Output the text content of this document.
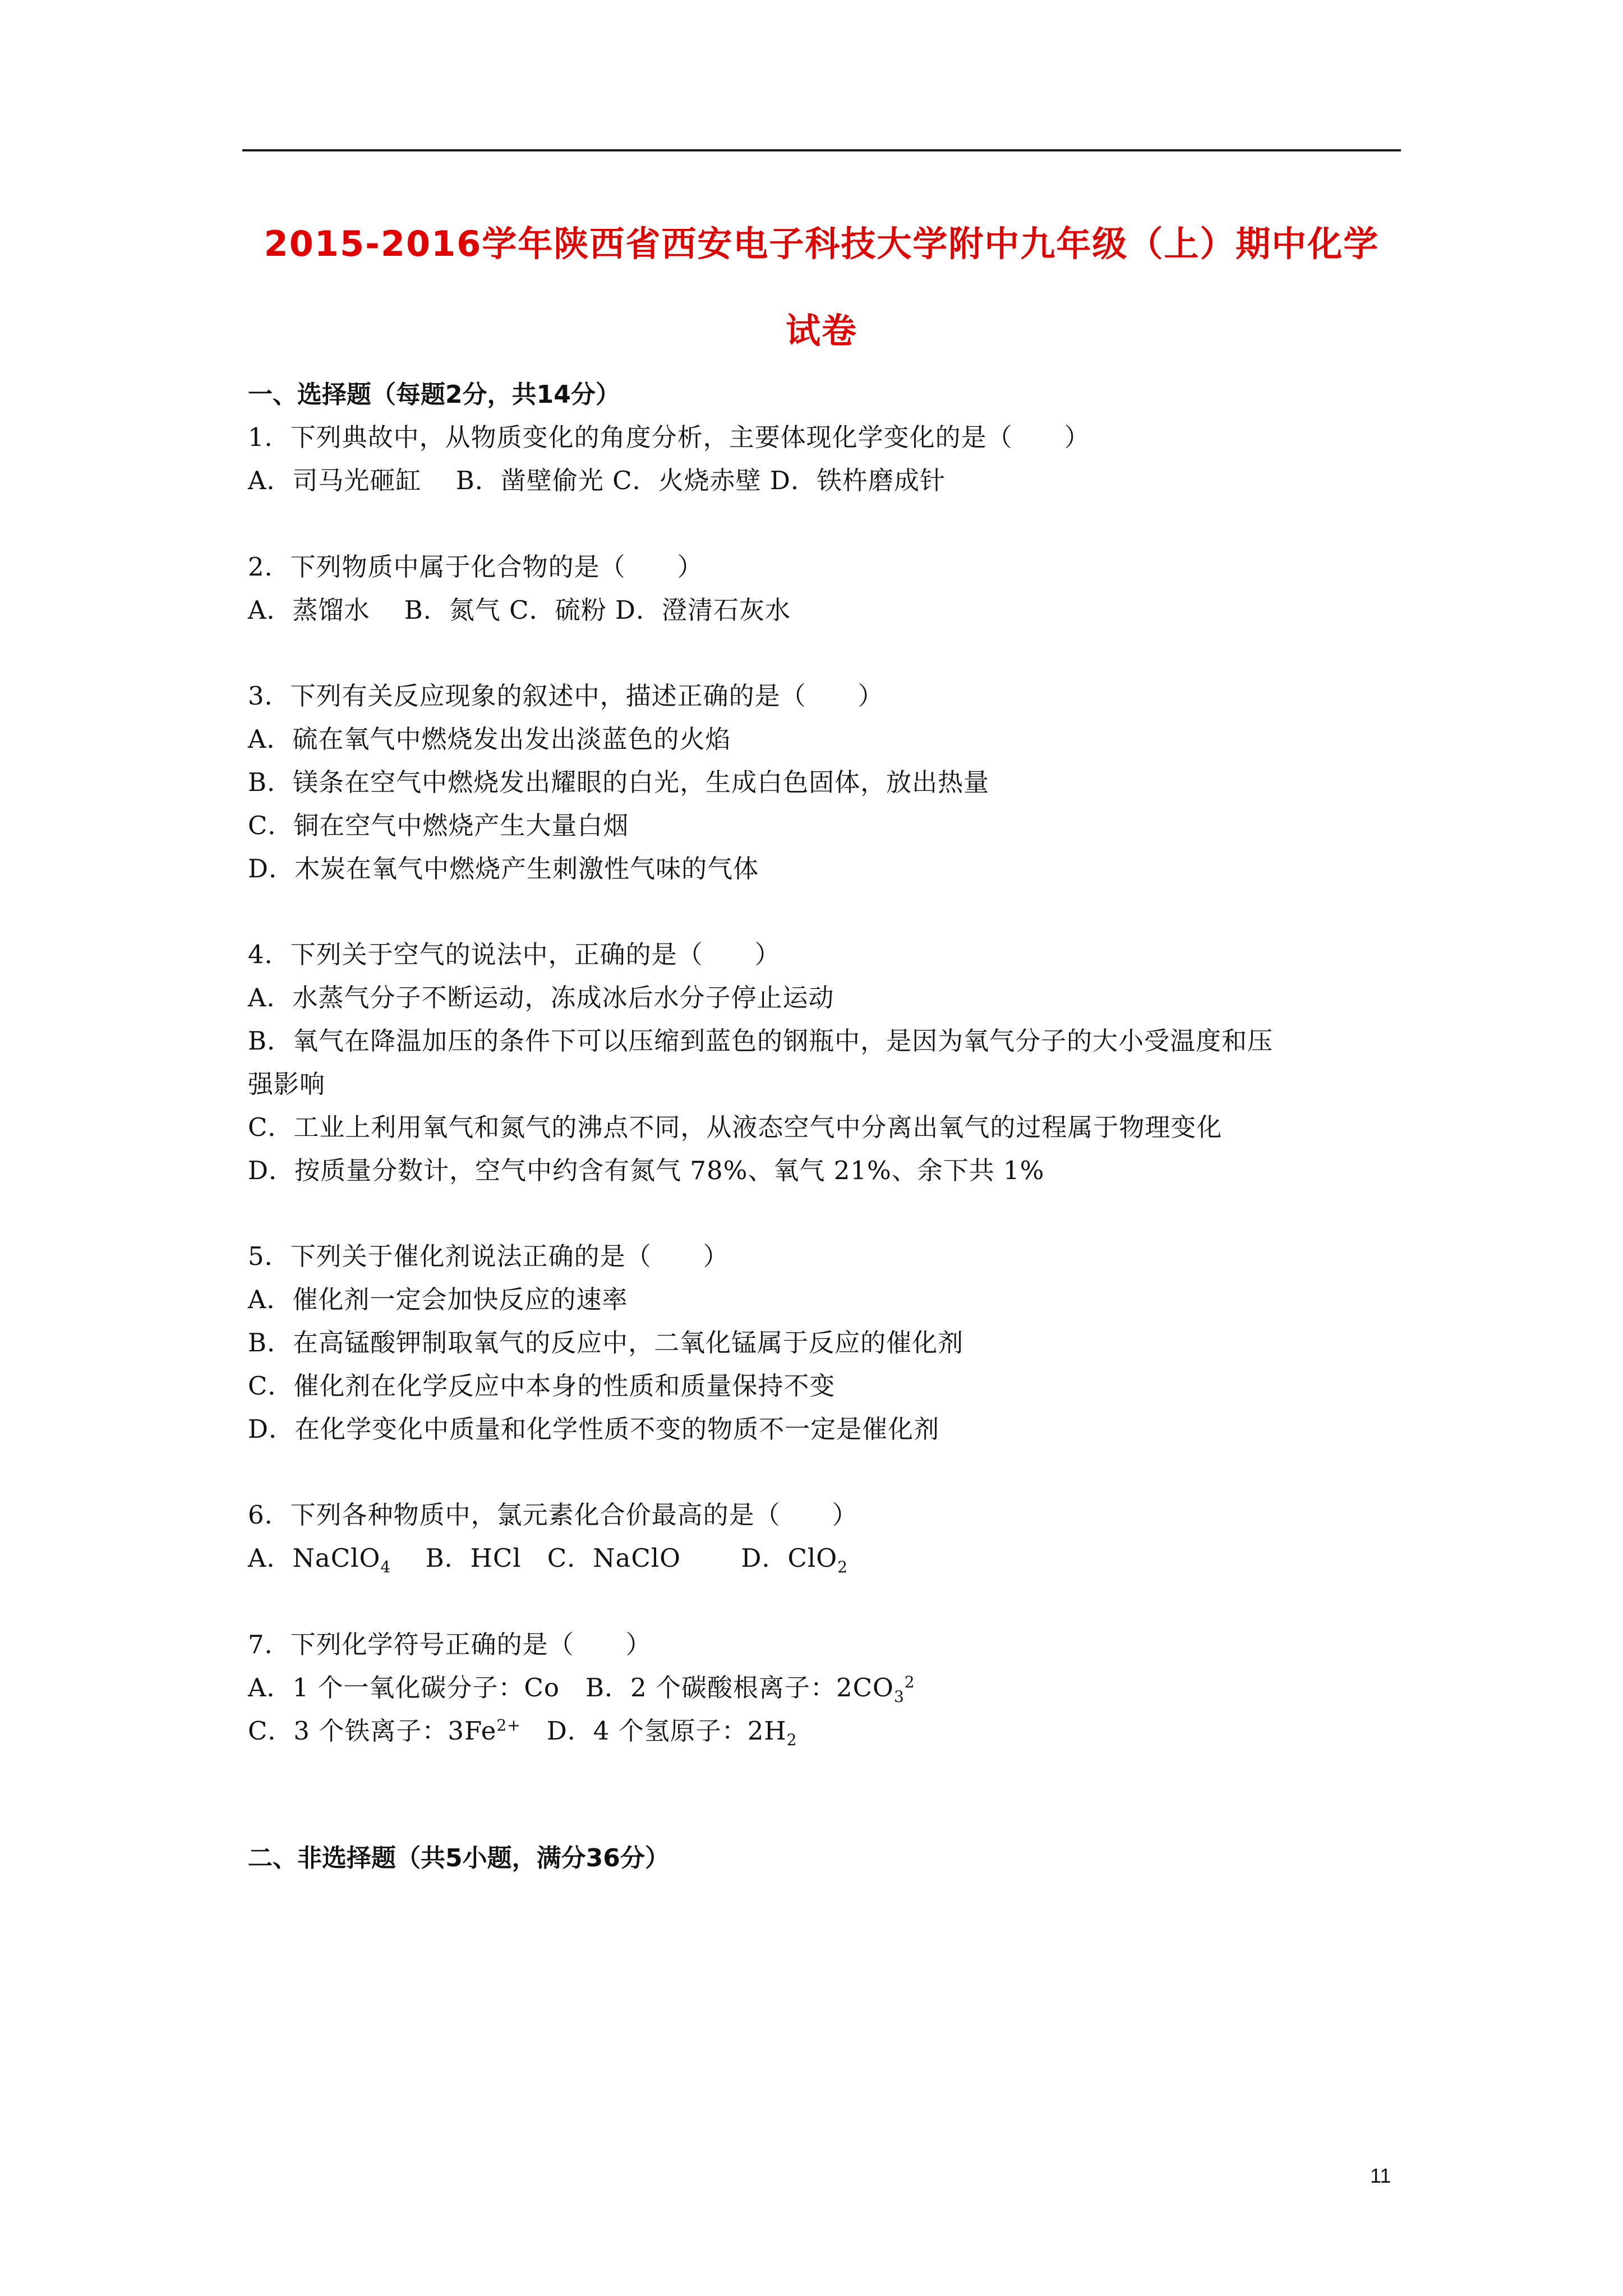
2015-2016学年陕西省西安电子科技大学附中九年级（上）期中化学
试卷
一、选择题（每题2分，共14分）
1．下列典故中，从物质变化的角度分析，主要体现化学变化的是（　　）
A．司马光砸缸　 B．凿壁偷光 C．火烧赤壁 D．铁杵磨成针
2．下列物质中属于化合物的是（　　）
A．蒸馏水　 B．氮气 C．硫粉 D．澄清石灰水
3．下列有关反应现象的叙述中，描述正确的是（　　）
A．硫在氧气中燃烧发出发出淡蓝色的火焰
B．镁条在空气中燃烧发出耀眼的白光，生成白色固体，放出热量
C．铜在空气中燃烧产生大量白烟
D．木炭在氧气中燃烧产生刺激性气味的气体
4．下列关于空气的说法中，正确的是（　　）
A．水蒸气分子不断运动，冻成冰后水分子停止运动
B．氧气在降温加压的条件下可以压缩到蓝色的钢瓶中，是因为氧气分子的大小受温度和压
强影响
C．工业上利用氧气和氮气的沸点不同，从液态空气中分离出氧气的过程属于物理变化
D．按质量分数计，空气中约含有氮气 78%、氧气 21%、余下共 1%
5．下列关于催化剂说法正确的是（　　）
A．催化剂一定会加快反应的速率
B．在高锰酸钾制取氧气的反应中，二氧化锰属于反应的催化剂
C．催化剂在化学反应中本身的性质和质量保持不变
D．在化学变化中质量和化学性质不变的物质不一定是催化剂
6．下列各种物质中，氯元素化合价最高的是（　　）
A．NaClO$_4$　 B．HCl　 C．NaClO　　 D．ClO$_2$
7．下列化学符号正确的是（　　）
A．1 个一氧化碳分子：Co　 B．2 个碳酸根离子：$2CO_3^2$
C．3 个铁离子：$3Fe^{2+}$　 D．4 个氢原子：$2H_2$
二、非选择题（共5小题，满分36分）
11
